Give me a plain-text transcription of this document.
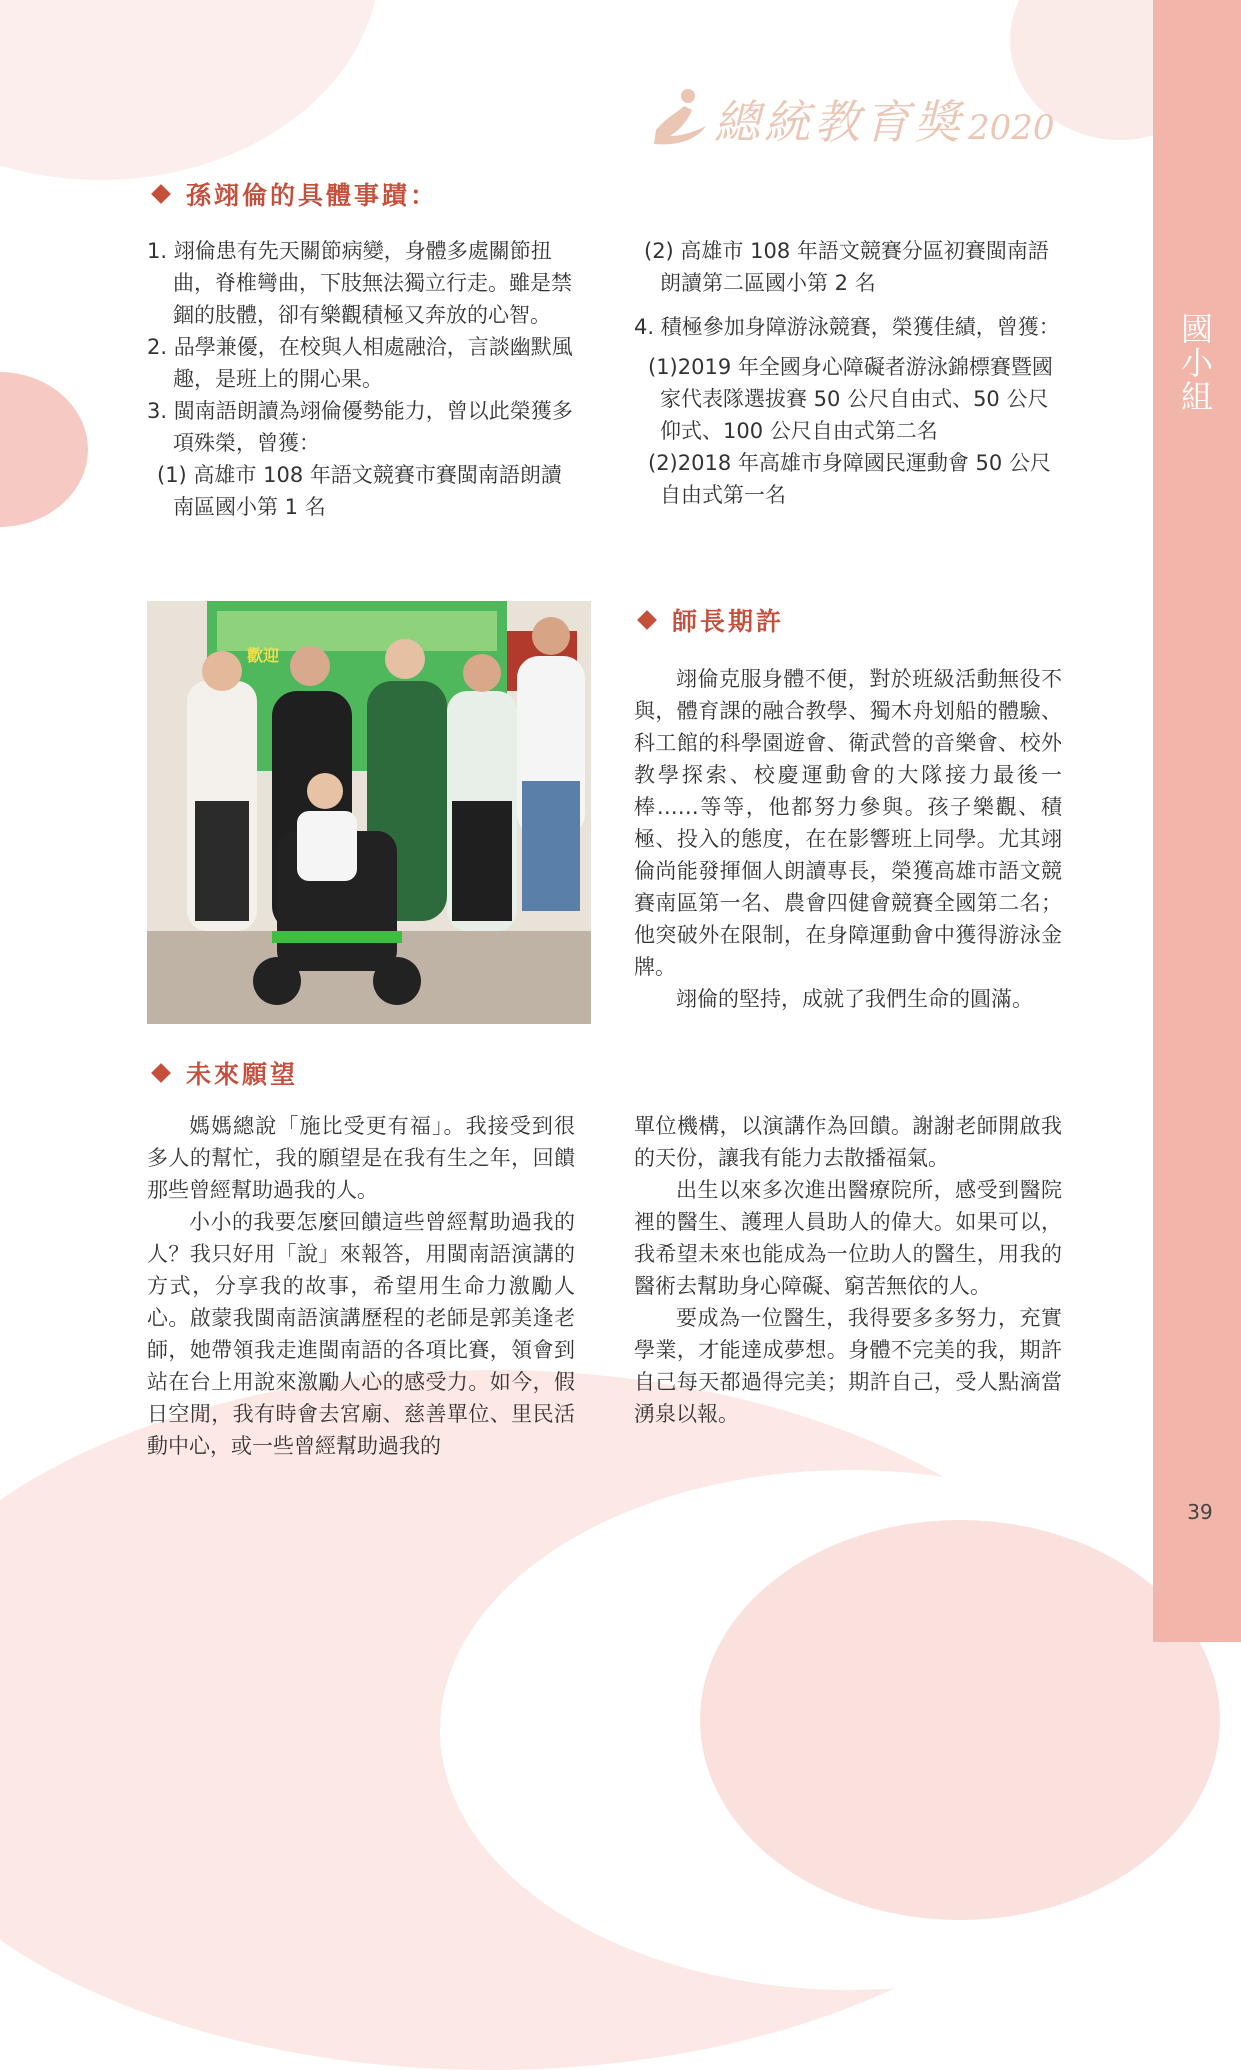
國小組
39
總統教育獎 2020
孫翊倫的具體事蹟：

1. 翊倫患有先天關節病變，身體多處關節扭曲，脊椎彎曲，下肢無法獨立行走。雖是禁錮的肢體，卻有樂觀積極又奔放的心智。

2. 品學兼優，在校與人相處融洽，言談幽默風趣，是班上的開心果。

3. 閩南語朗讀為翊倫優勢能力，曾以此榮獲多項殊榮，曾獲：

(1) 高雄市 108 年語文競賽市賽閩南語朗讀南區國小第 1 名

(2) 高雄市 108 年語文競賽分區初賽閩南語朗讀第二區國小第 2 名

4. 積極參加身障游泳競賽，榮獲佳績，曾獲：

(1)2019 年全國身心障礙者游泳錦標賽暨國家代表隊選拔賽 50 公尺自由式、50 公尺仰式、100 公尺自由式第二名

(2)2018 年高雄市身障國民運動會 50 公尺自由式第一名

歡迎
師長期許

翊倫克服身體不便，對於班級活動無役不與，體育課的融合教學、獨木舟划船的體驗、科工館的科學園遊會、衛武營的音樂會、校外教學探索、校慶運動會的大隊接力最後一棒……等等，他都努力參與。孩子樂觀、積極、投入的態度，在在影響班上同學。尤其翊倫尚能發揮個人朗讀專長，榮獲高雄市語文競賽南區第一名、農會四健會競賽全國第二名；他突破外在限制，在身障運動會中獲得游泳金牌。

翊倫的堅持，成就了我們生命的圓滿。

未來願望

媽媽總說「施比受更有福」。我接受到很多人的幫忙，我的願望是在我有生之年，回饋那些曾經幫助過我的人。

小小的我要怎麼回饋這些曾經幫助過我的人？我只好用「說」來報答，用閩南語演講的方式，分享我的故事，希望用生命力激勵人心。啟蒙我閩南語演講歷程的老師是郭美逢老師，她帶領我走進閩南語的各項比賽，領會到站在台上用說來激勵人心的感受力。如今，假日空閒，我有時會去宮廟、慈善單位、里民活動中心，或一些曾經幫助過我的

單位機構，以演講作為回饋。謝謝老師開啟我的天份，讓我有能力去散播福氣。

出生以來多次進出醫療院所，感受到醫院裡的醫生、護理人員助人的偉大。如果可以，我希望未來也能成為一位助人的醫生，用我的醫術去幫助身心障礙、窮苦無依的人。

要成為一位醫生，我得要多多努力，充實學業，才能達成夢想。身體不完美的我，期許自己每天都過得完美；期許自己，受人點滴當湧泉以報。
